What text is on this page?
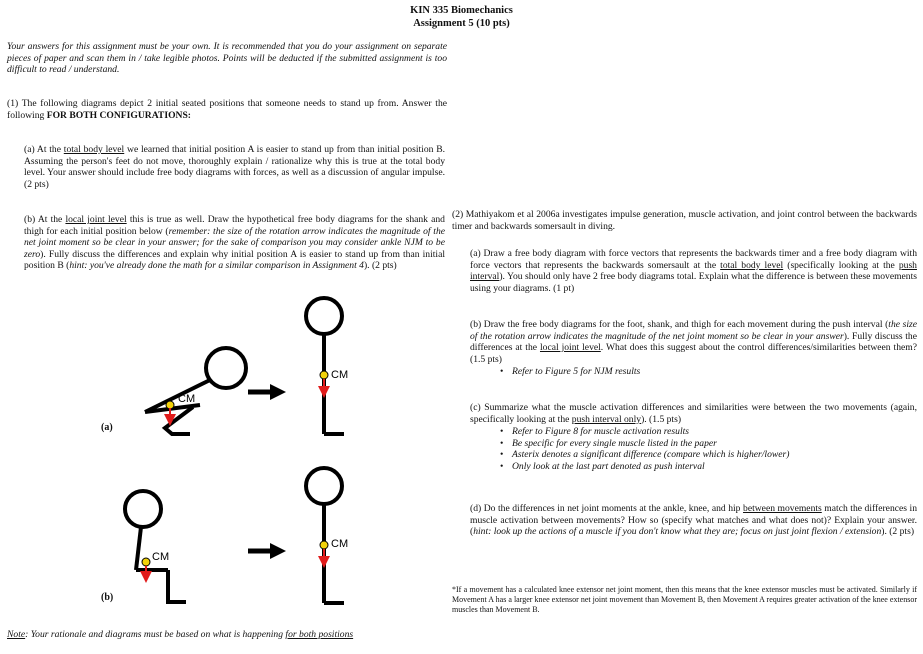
KIN 335 Biomechanics
Assignment 5 (10 pts)
Your answers for this assignment must be your own. It is recommended that you do your assignment on separate pieces of paper and scan them in / take legible photos. Points will be deducted if the submitted assignment is too difficult to read / understand.
(1) The following diagrams depict 2 initial seated positions that someone needs to stand up from. Answer the following FOR BOTH CONFIGURATIONS:
(a) At the total body level we learned that initial position A is easier to stand up from than initial position B. Assuming the person's feet do not move, thoroughly explain / rationalize why this is true at the total body level. Your answer should include free body diagrams with forces, as well as a discussion of angular impulse. (2 pts)
(b) At the local joint level this is true as well. Draw the hypothetical free body diagrams for the shank and thigh for each initial position below (remember: the size of the rotation arrow indicates the magnitude of the net joint moment so be clear in your answer; for the sake of comparison you may consider ankle NJM to be zero). Fully discuss the differences and explain why initial position A is easier to stand up from than initial position B (hint: you've already done the math for a similar comparison in Assignment 4). (2 pts)
CM
CM
CM
CM
(a)
(b)
Note: Your rationale and diagrams must be based on what is happening for both positions
(2) Mathiyakom et al 2006a investigates impulse generation, muscle activation, and joint control between the backwards timer and backwards somersault in diving.
(a) Draw a free body diagram with force vectors that represents the backwards timer and a free body diagram with force vectors that represents the backwards somersault at the total body level (specifically looking at the push interval). You should only have 2 free body diagrams total. Explain what the difference is between these movements using your diagrams. (1 pt)
(b) Draw the free body diagrams for the foot, shank, and thigh for each movement during the push interval (the size of the rotation arrow indicates the magnitude of the net joint moment so be clear in your answer). Fully discuss the differences at the local joint level. What does this suggest about the control differences/similarities between them? (1.5 pts)
• Refer to Figure 5 for NJM results
(c) Summarize what the muscle activation differences and similarities were between the two movements (again, specifically looking at the push interval only). (1.5 pts)
• Refer to Figure 8 for muscle activation results
• Be specific for every single muscle listed in the paper
• Asterix denotes a significant difference (compare which is higher/lower)
• Only look at the last part denoted as push interval
(d) Do the differences in net joint moments at the ankle, knee, and hip between movements match the differences in muscle activation between movements? How so (specify what matches and what does not)? Explain your answer. (hint: look up the actions of a muscle if you don't know what they are; focus on just joint flexion / extension). (2 pts)
*If a movement has a calculated knee extensor net joint moment, then this means that the knee extensor muscles must be activated. Similarly if Movement A has a larger knee extensor net joint movement than Movement B, then Movement A requires greater activation of the knee extensor muscles than Movement B.
